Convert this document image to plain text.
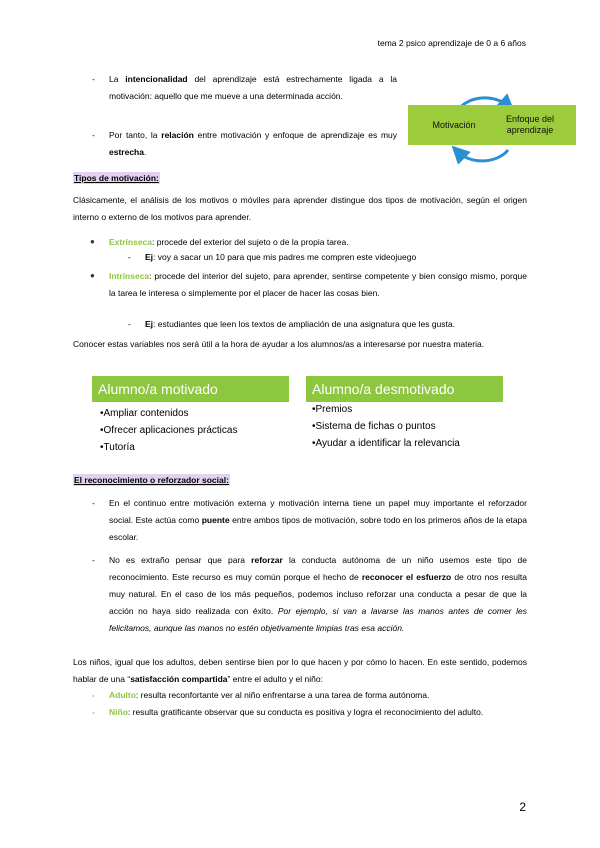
tema 2 psico aprendizaje de 0 a 6 años
- La intencionalidad del aprendizaje está estrechamente ligada a la motivación: aquello que me mueve a una determinada acción.
- Por tanto, la relación entre motivación y enfoque de aprendizaje es muy estrecha.
Motivación
Enfoque del aprendizaje
Tipos de motivación:
Clásicamente, el análisis de los motivos o móviles para aprender distingue dos tipos de motivación, según el origen interno o externo de los motivos para aprender.
● Extrínseca: procede del exterior del sujeto o de la propia tarea.
- Ej: voy a sacar un 10 para que mis padres me compren este videojuego
● Intrínseca: procede del interior del sujeto, para aprender, sentirse competente y bien consigo mismo, porque la tarea le interesa o simplemente por el placer de hacer las cosas bien.
- Ej: estudiantes que leen los textos de ampliación de una asignatura que les gusta.
Conocer estas variables nos será útil a la hora de ayudar a los alumnos/as a interesarse por nuestra materia.
Alumno/a motivado
• Ampliar contenidos
• Ofrecer aplicaciones prácticas
• Tutoría
Alumno/a desmotivado
• Premios
• Sistema de fichas o puntos
• Ayudar a identificar la relevancia
El reconocimiento o reforzador social:
- En el continuo entre motivación externa y motivación interna tiene un papel muy importante el reforzador social. Este actúa como puente entre ambos tipos de motivación, sobre todo en los primeros años de la etapa escolar.
- No es extraño pensar que para reforzar la conducta autónoma de un niño usemos este tipo de reconocimiento. Este recurso es muy común porque el hecho de reconocer el esfuerzo de otro nos resulta muy natural. En el caso de los más pequeños, podemos incluso reforzar una conducta a pesar de que la acción no haya sido realizada con éxito. Por ejemplo, si van a lavarse las manos antes de comer les felicitamos, aunque las manos no estén objetivamente limpias tras esa acción.
Los niños, igual que los adultos, deben sentirse bien por lo que hacen y por cómo lo hacen. En este sentido, podemos hablar de una “satisfacción compartida” entre el adulto y el niño:
- Adulto: resulta reconfortante ver al niño enfrentarse a una tarea de forma autónoma.
- Niño: resulta gratificante observar que su conducta es positiva y logra el reconocimiento del adulto.
2
